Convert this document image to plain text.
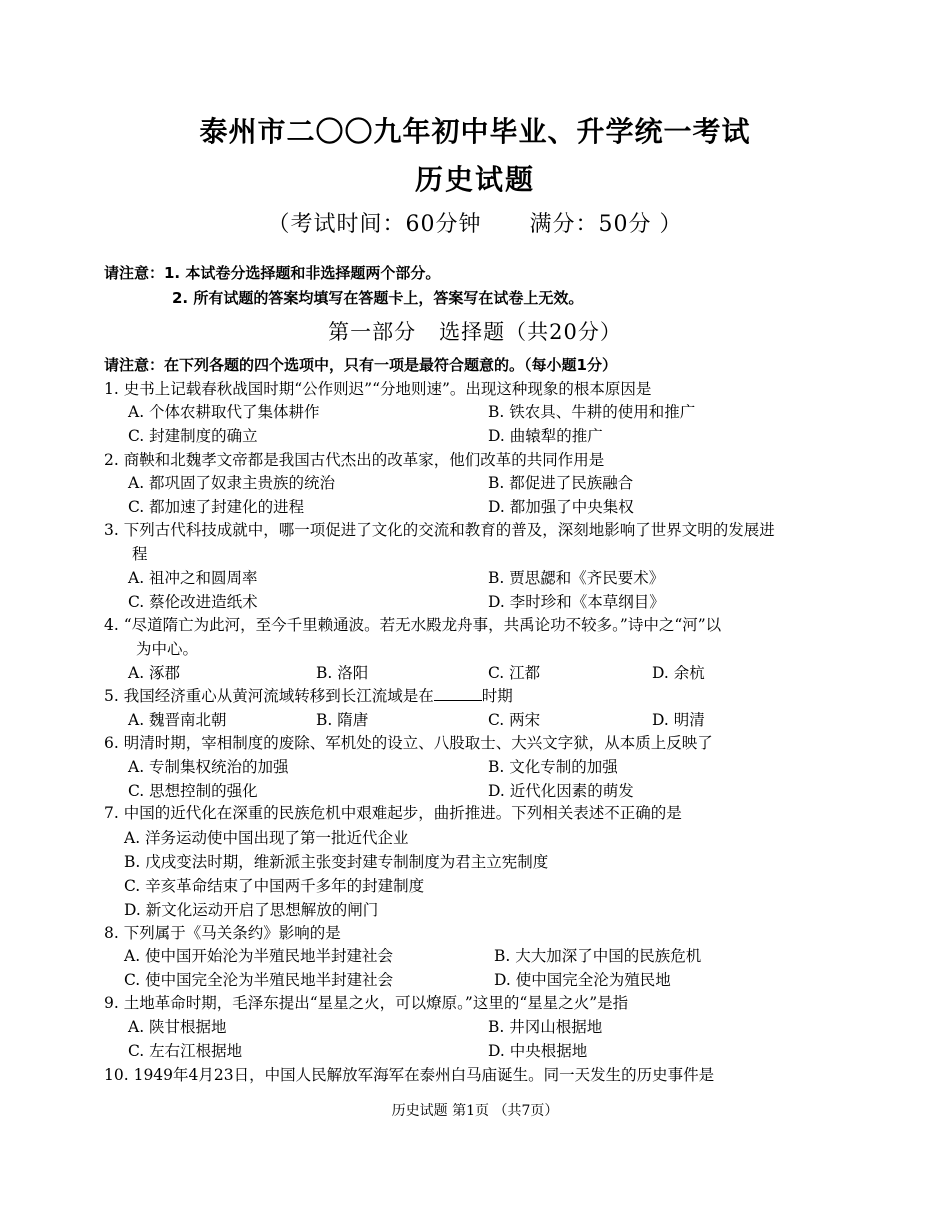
泰州市二〇〇九年初中毕业、升学统一考试
历史试题
（考试时间：60分钟      满分：50分 ）
请注意：1. 本试卷分选择题和非选择题两个部分。
2. 所有试题的答案均填写在答题卡上，答案写在试卷上无效。
第一部分   选择题（共20分）
请注意：在下列各题的四个选项中，只有一项是最符合题意的。（每小题1分）
1. 史书上记载春秋战国时期“公作则迟”“分地则速”。出现这种现象的根本原因是
A. 个体农耕取代了集体耕作	B. 铁农具、牛耕的使用和推广
C. 封建制度的确立	D. 曲辕犁的推广
2. 商鞅和北魏孝文帝都是我国古代杰出的改革家，他们改革的共同作用是
A. 都巩固了奴隶主贵族的统治	B. 都促进了民族融合
C. 都加速了封建化的进程	D. 都加强了中央集权
3. 下列古代科技成就中，哪一项促进了文化的交流和教育的普及，深刻地影响了世界文明的发展进
程
A. 祖冲之和圆周率	B. 贾思勰和《齐民要术》
C. 蔡伦改进造纸术	D. 李时珍和《本草纲目》
4. “尽道隋亡为此河，至今千里赖通波。若无水殿龙舟事，共禹论功不较多。”诗中之“河”以
为中心。
A. 涿郡	B. 洛阳	C. 江都	D. 余杭
5. 我国经济重心从黄河流域转移到长江流域是在	时期
A. 魏晋南北朝	B. 隋唐	C. 两宋	D. 明清
6. 明清时期，宰相制度的废除、军机处的设立、八股取士、大兴文字狱，从本质上反映了
A. 专制集权统治的加强	B. 文化专制的加强
C. 思想控制的强化	D. 近代化因素的萌发
7. 中国的近代化在深重的民族危机中艰难起步，曲折推进。下列相关表述不正确的是
A. 洋务运动使中国出现了第一批近代企业
B. 戊戌变法时期，维新派主张变封建专制制度为君主立宪制度
C. 辛亥革命结束了中国两千多年的封建制度
D. 新文化运动开启了思想解放的闸门
8. 下列属于《马关条约》影响的是
A. 使中国开始沦为半殖民地半封建社会	B. 大大加深了中国的民族危机
C. 使中国完全沦为半殖民地半封建社会	D. 使中国完全沦为殖民地
9. 土地革命时期，毛泽东提出“星星之火，可以燎原。”这里的“星星之火”是指
A. 陕甘根据地	B. 井冈山根据地
C. 左右江根据地	D. 中央根据地
10. 1949年4月23日，中国人民解放军海军在泰州白马庙诞生。同一天发生的历史事件是
历史试题 第1页 （共7页）
